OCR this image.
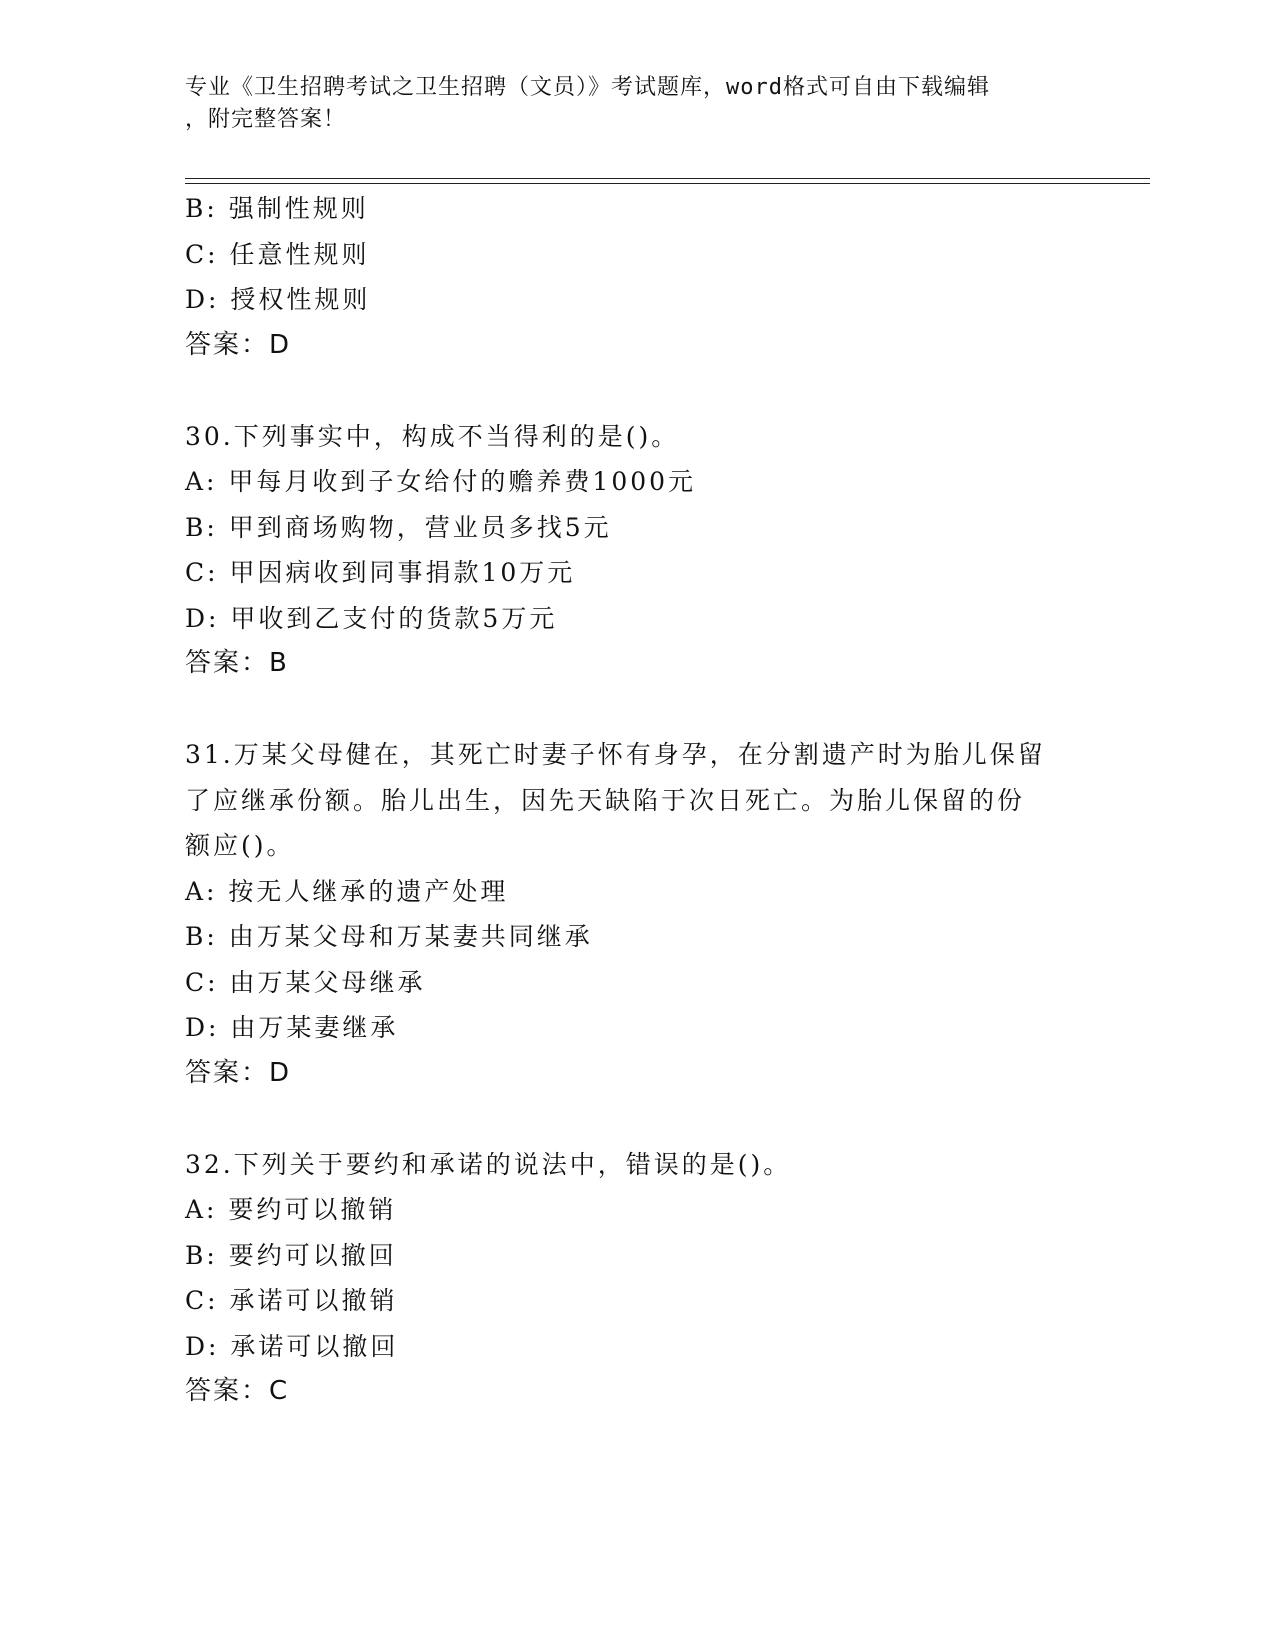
专业《卫生招聘考试之卫生招聘（文员）》考试题库，word格式可自由下载编辑
，附完整答案！
B: 强制性规则
C: 任意性规则
D: 授权性规则
答案：D
30.下列事实中，构成不当得利的是()。
A: 甲每月收到子女给付的赡养费1000元
B: 甲到商场购物，营业员多找5元
C: 甲因病收到同事捐款10万元
D: 甲收到乙支付的货款5万元
答案：B
31.万某父母健在，其死亡时妻子怀有身孕，在分割遗产时为胎儿保留
了应继承份额。胎儿出生，因先天缺陷于次日死亡。为胎儿保留的份
额应()。
A: 按无人继承的遗产处理
B: 由万某父母和万某妻共同继承
C: 由万某父母继承
D: 由万某妻继承
答案：D
32.下列关于要约和承诺的说法中，错误的是()。
A: 要约可以撤销
B: 要约可以撤回
C: 承诺可以撤销
D: 承诺可以撤回
答案：C
